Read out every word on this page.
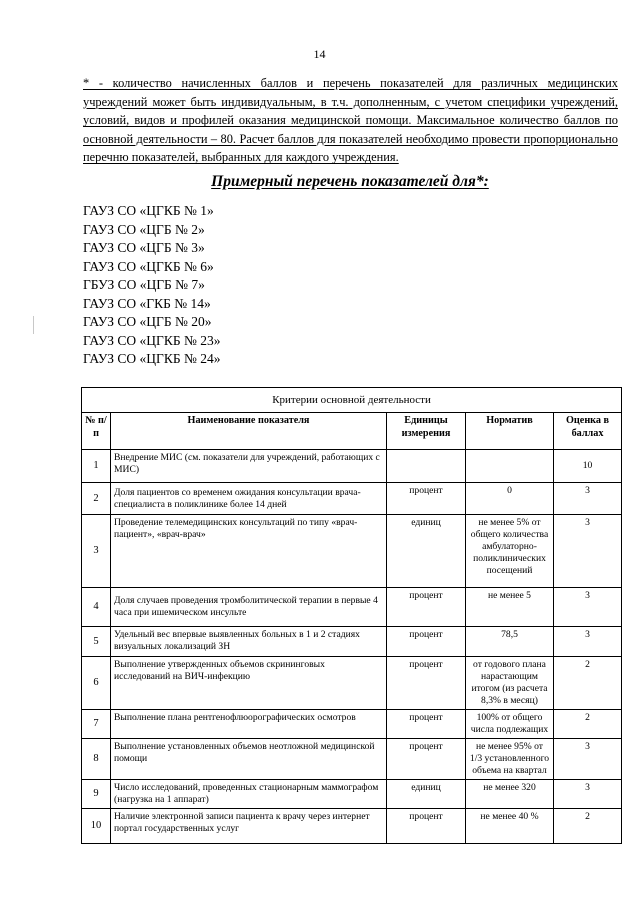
14

* - количество начисленных баллов и перечень показателей для различных медицинских учреждений может быть индивидуальным, в т.ч. дополненным, с учетом специфики учреждений, условий, видов и профилей оказания медицинской помощи. Максимальное количество баллов по основной деятельности – 80. Расчет баллов для показателей необходимо провести пропорционально перечню показателей, выбранных для каждого учреждения.

Примерный перечень показателей для*:
ГАУЗ СО «ЦГКБ № 1»
ГАУЗ СО «ЦГБ № 2»
ГАУЗ СО «ЦГБ № 3»
ГАУЗ СО «ЦГКБ № 6»
ГБУЗ СО «ЦГБ № 7»
ГАУЗ СО «ГКБ № 14»
ГАУЗ СО «ЦГБ № 20»
ГАУЗ СО «ЦГКБ № 23»
ГАУЗ СО «ЦГКБ № 24»
Критерии основной деятельности				
№ п/п	Наименование показателя	Единицы измерения	Норматив	Оценка в баллах
1	Внедрение МИС (см. показатели для учреждений, работающих с МИС)			10
2	Доля пациентов со временем ожидания консультации врача-специалиста в поликлинике более 14 дней	процент	0	3
3	Проведение телемедицинских консультаций по типу «врач-пациент», «врач-врач»	единиц	не менее 5% от общего количества амбулаторно-поликлинических посещений	3
4	Доля случаев проведения тромболитической терапии в первые 4 часа при ишемическом инсульте	процент	не менее 5	3
5	Удельный вес впервые выявленных больных в 1 и 2 стадиях визуальных локализаций ЗН	процент	78,5	3
6	Выполнение утвержденных объемов скрининговых исследований на ВИЧ-инфекцию	процент	от годового плана нарастающим итогом (из расчета 8,3% в месяц)	2
7	Выполнение плана рентгенофлюорографических осмотров	процент	100% от общего числа подлежащих	2
8	Выполнение установленных объемов неотложной медицинской помощи	процент	не менее 95% от 1/3 установленного объема на квартал	3
9	Число исследований, проведенных стационарным маммографом (нагрузка на 1 аппарат)	единиц	не менее 320	3
10	Наличие электронной записи пациента к врачу через интернет портал государственных услуг	процент	не менее 40 %	2
